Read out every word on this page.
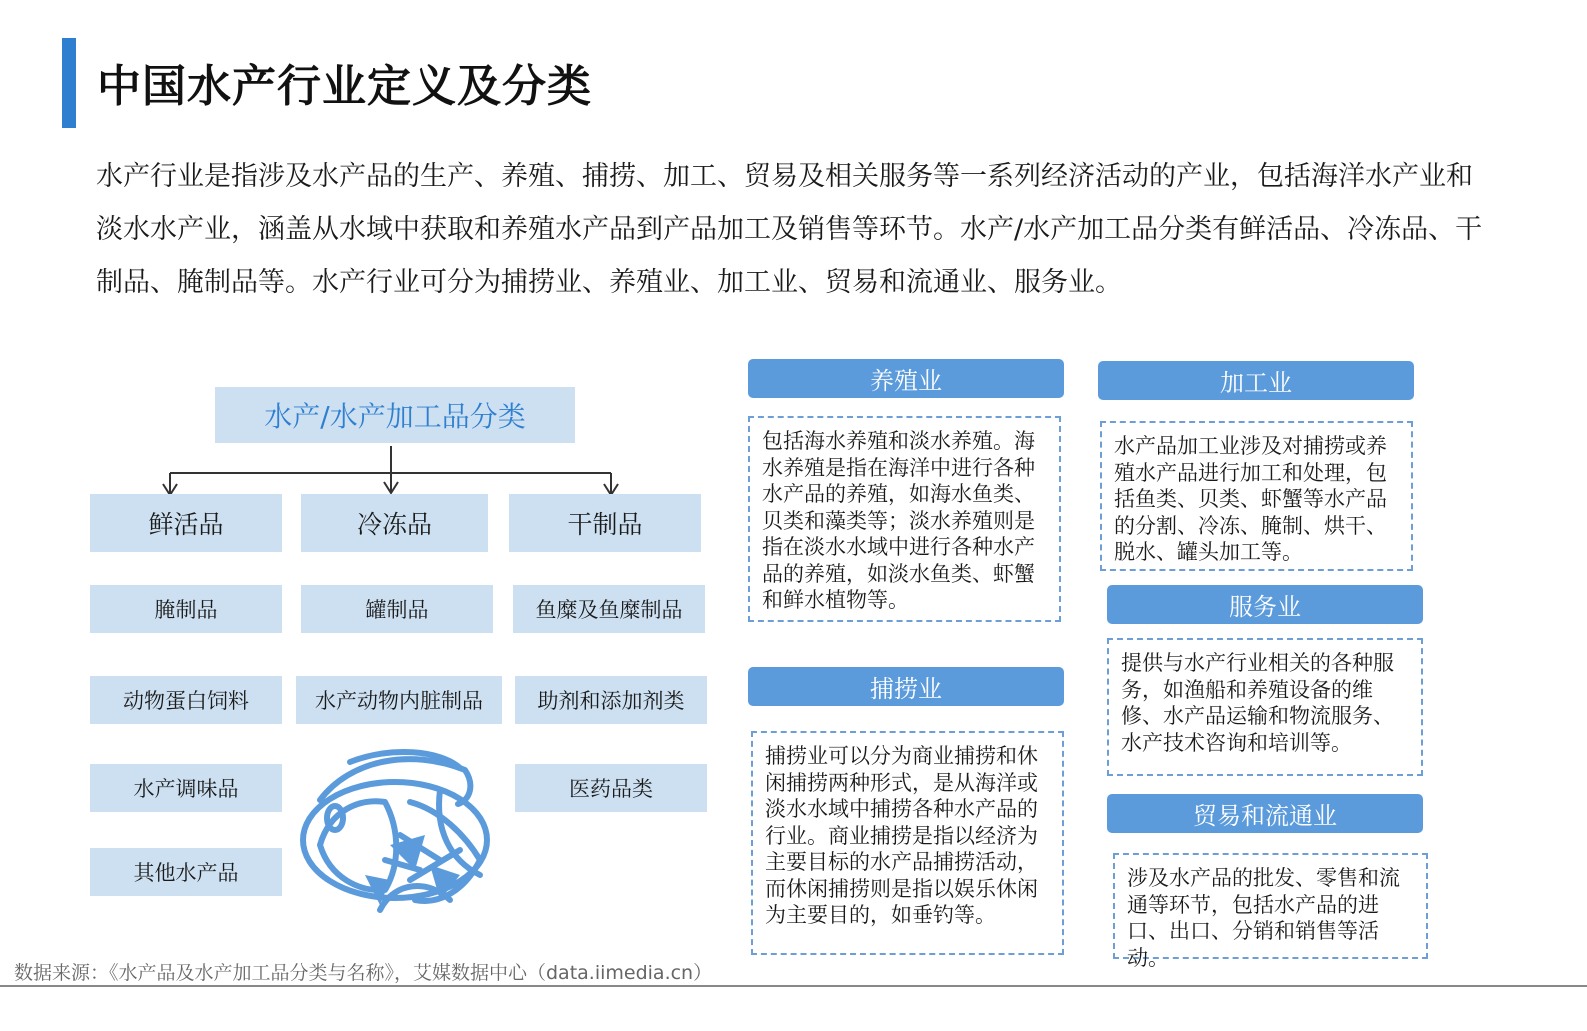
中国水产行业定义及分类
水产行业是指涉及水产品的生产、养殖、捕捞、加工、贸易及相关服务等一系列经济活动的产业，包括海洋水产业和淡水水产业，涵盖从水域中获取和养殖水产品到产品加工及销售等环节。水产/水产加工品分类有鲜活品、冷冻品、干制品、腌制品等。水产行业可分为捕捞业、养殖业、加工业、贸易和流通业、服务业。
水产/水产加工品分类
鲜活品	冷冻品	干制品
腌制品	罐制品	鱼糜及鱼糜制品
动物蛋白饲料	水产动物内脏制品	助剂和添加剂类
水产调味品	医药品类
其他水产品
养殖业
包括海水养殖和淡水养殖。海水养殖是指在海洋中进行各种水产品的养殖，如海水鱼类、贝类和藻类等；淡水养殖则是指在淡水水域中进行各种水产品的养殖，如淡水鱼类、虾蟹和鲜水植物等。
捕捞业
捕捞业可以分为商业捕捞和休闲捕捞两种形式，是从海洋或淡水水域中捕捞各种水产品的行业。商业捕捞是指以经济为主要目标的水产品捕捞活动，而休闲捕捞则是指以娱乐休闲为主要目的，如垂钓等。
加工业
水产品加工业涉及对捕捞或养殖水产品进行加工和处理，包括鱼类、贝类、虾蟹等水产品的分割、冷冻、腌制、烘干、脱水、罐头加工等。
服务业
提供与水产行业相关的各种服务，如渔船和养殖设备的维修、水产品运输和物流服务、水产技术咨询和培训等。
贸易和流通业
涉及水产品的批发、零售和流通等环节，包括水产品的进口、出口、分销和销售等活动。
数据来源：《水产品及水产加工品分类与名称》，艾媒数据中心（data.iimedia.cn）
